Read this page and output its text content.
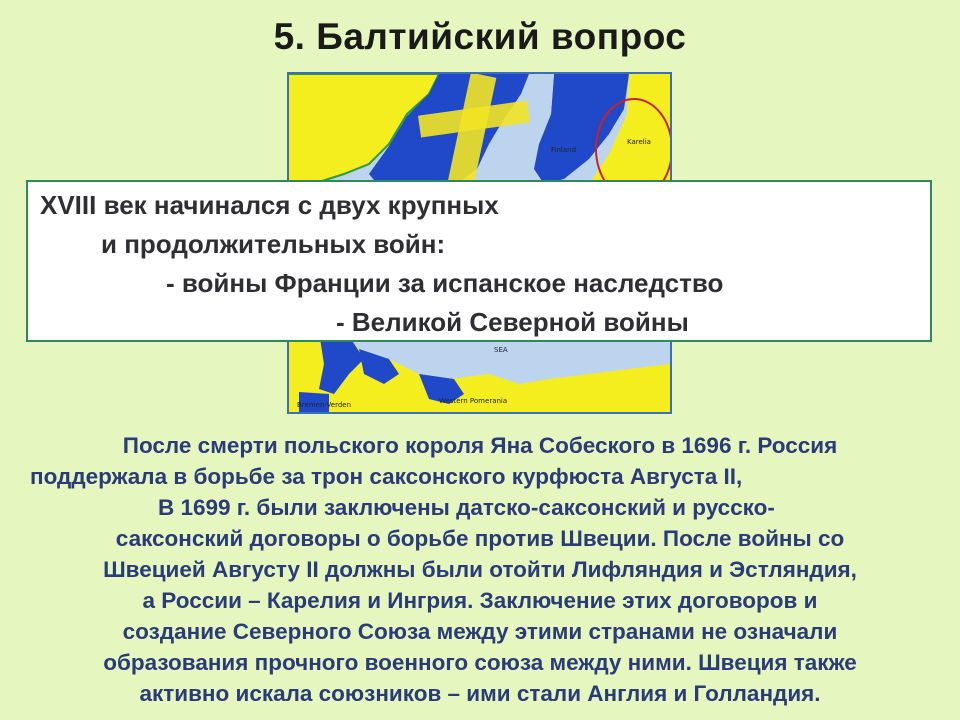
5. Балтийский вопрос
Finland
Karelia
SEA
Western Pomerania
Bremen-Verden

XVIII век начинался с двух крупных

и продолжительных войн:

- войны Франции за испанское наследство

- Великой Северной войны

После смерти польского короля Яна Собеского в 1696 г. Россия
поддержала в борьбе за трон саксонского курфюста Августа II,
В 1699 г. были заключены датско-саксонский и русско-
саксонский договоры о борьбе против Швеции. После войны со
Швецией Августу II должны были отойти Лифляндия и Эстляндия,
а России – Карелия и Ингрия. Заключение этих договоров и
создание Северного Союза между этими странами не означали
образования прочного военного союза между ними. Швеция также
активно искала союзников – ими стали Англия и Голландия.
